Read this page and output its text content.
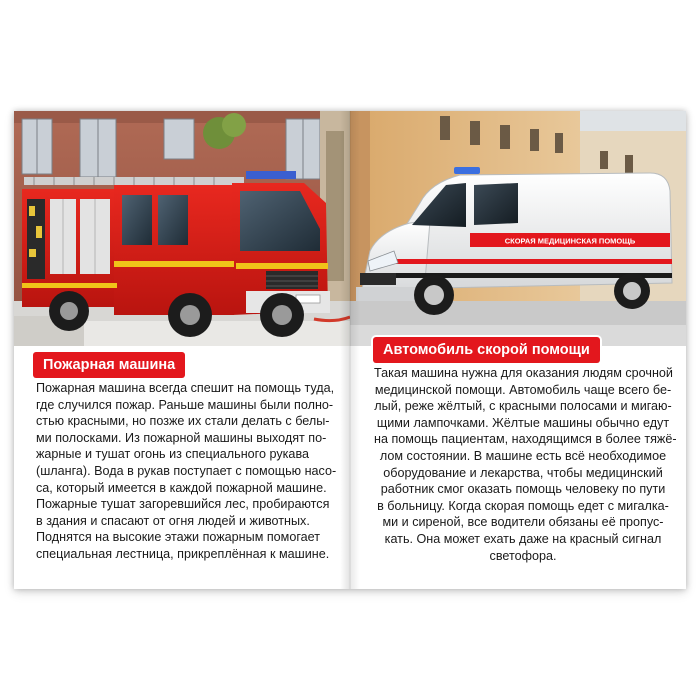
Пожарная машина
Пожарная машина всегда спешит на помощь туда,
где случился пожар. Раньше машины были полно-
стью красными, но позже их стали делать с белы-
ми полосками. Из пожарной машины выходят по-
жарные и тушат огонь из специального рукава
(шланга). Вода в рукав поступает с помощью насо-
са, который имеется в каждой пожарной машине.
Пожарные тушат загоревшийся лес, пробираются
в здания и спасают от огня людей и животных.
Поднятся на высокие этажи пожарным помогает
специальная лестница, прикреплённая к машине.
СКОРАЯ МЕДИЦИНСКАЯ ПОМОЩЬ
Автомобиль скорой помощи
Такая машина нужна для оказания людям срочной
медицинской помощи. Автомобиль чаще всего бе-
лый, реже жёлтый, с красными полосами и мигаю-
щими лампочками. Жёлтые машины обычно едут
на помощь пациентам, находящимся в более тяжё-
лом состоянии. В машине есть всё необходимое
оборудование и лекарства, чтобы медицинский
работник смог оказать помощь человеку по пути
в больницу. Когда скорая помощь едет с мигалка-
ми и сиреной, все водители обязаны её пропус-
кать. Она может ехать даже на красный сигнал
светофора.
